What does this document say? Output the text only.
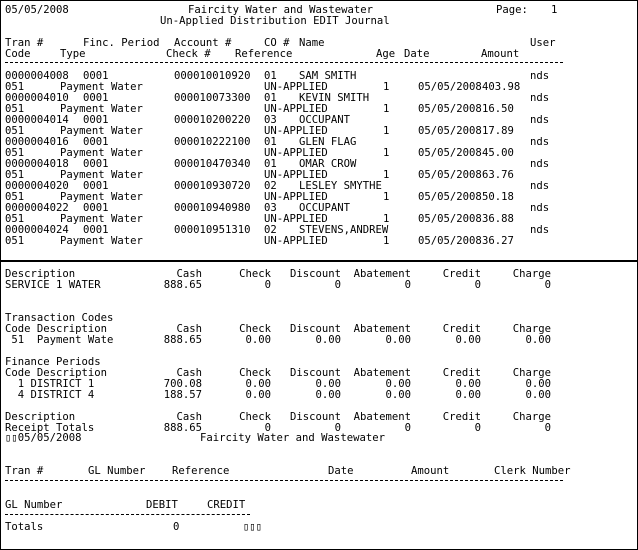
05/05/2008	Faircity Water and Wastewater	Page: 1
Un-Applied Distribution EDIT Journal
Tran #	Finc. Period Account #	CO # Name	User
Code	Type	Check # Reference	Age Date	Amount
0000004008 0001	000010010920 01 SAM SMITH	nds
051	Payment Water	UN-APPLIED	1	05/05/2008 403.98
0000004010 0001	000010073300 01 KEVIN SMITH	nds
051	Payment Water	UN-APPLIED	1	05/05/2008 16.50
0000004014 0001	000010200220 03 OCCUPANT	nds
051	Payment Water	UN-APPLIED	1	05/05/2008 17.89
0000004016 0001	000010222100 01 GLEN FLAG	nds
051	Payment Water	UN-APPLIED	1	05/05/2008 45.00
0000004018 0001	000010470340 01 OMAR CROW	nds
051	Payment Water	UN-APPLIED	1	05/05/2008 63.76
0000004020 0001	000010930720 02 LESLEY SMYTHE	nds
051	Payment Water	UN-APPLIED	1	05/05/2008 50.18
0000004022 0001	000010940980 03 OCCUPANT	nds
051	Payment Water	UN-APPLIED	1	05/05/2008 36.88
0000004024 0001	000010951310 02 STEVENS,ANDREW	nds
051	Payment Water	UN-APPLIED	1	05/05/2008 36.27
Description	Cash	Check	Discount	Abatement	Credit	Charge
SERVICE 1 WATER	888.65	0	0	0	0	0
Transaction Codes
Code Description	Cash	Check	Discount	Abatement	Credit	Charge
51  Payment Wate	888.65	0.00	0.00	0.00	0.00	0.00
Finance Periods
Code Description	Cash	Check	Discount	Abatement	Credit	Charge
1 DISTRICT 1	700.08	0.00	0.00	0.00	0.00	0.00
4 DISTRICT 4	188.57	0.00	0.00	0.00	0.00	0.00
Description	Cash	Check	Discount	Abatement	Credit	Charge
Receipt Totals	888.65	0	0	0	0	0
▯▯05/05/2008	Faircity Water and Wastewater
Tran #	GL Number	Reference	Date	Amount	Clerk Number
GL Number	DEBIT	CREDIT
Totals	0	▯▯▯
